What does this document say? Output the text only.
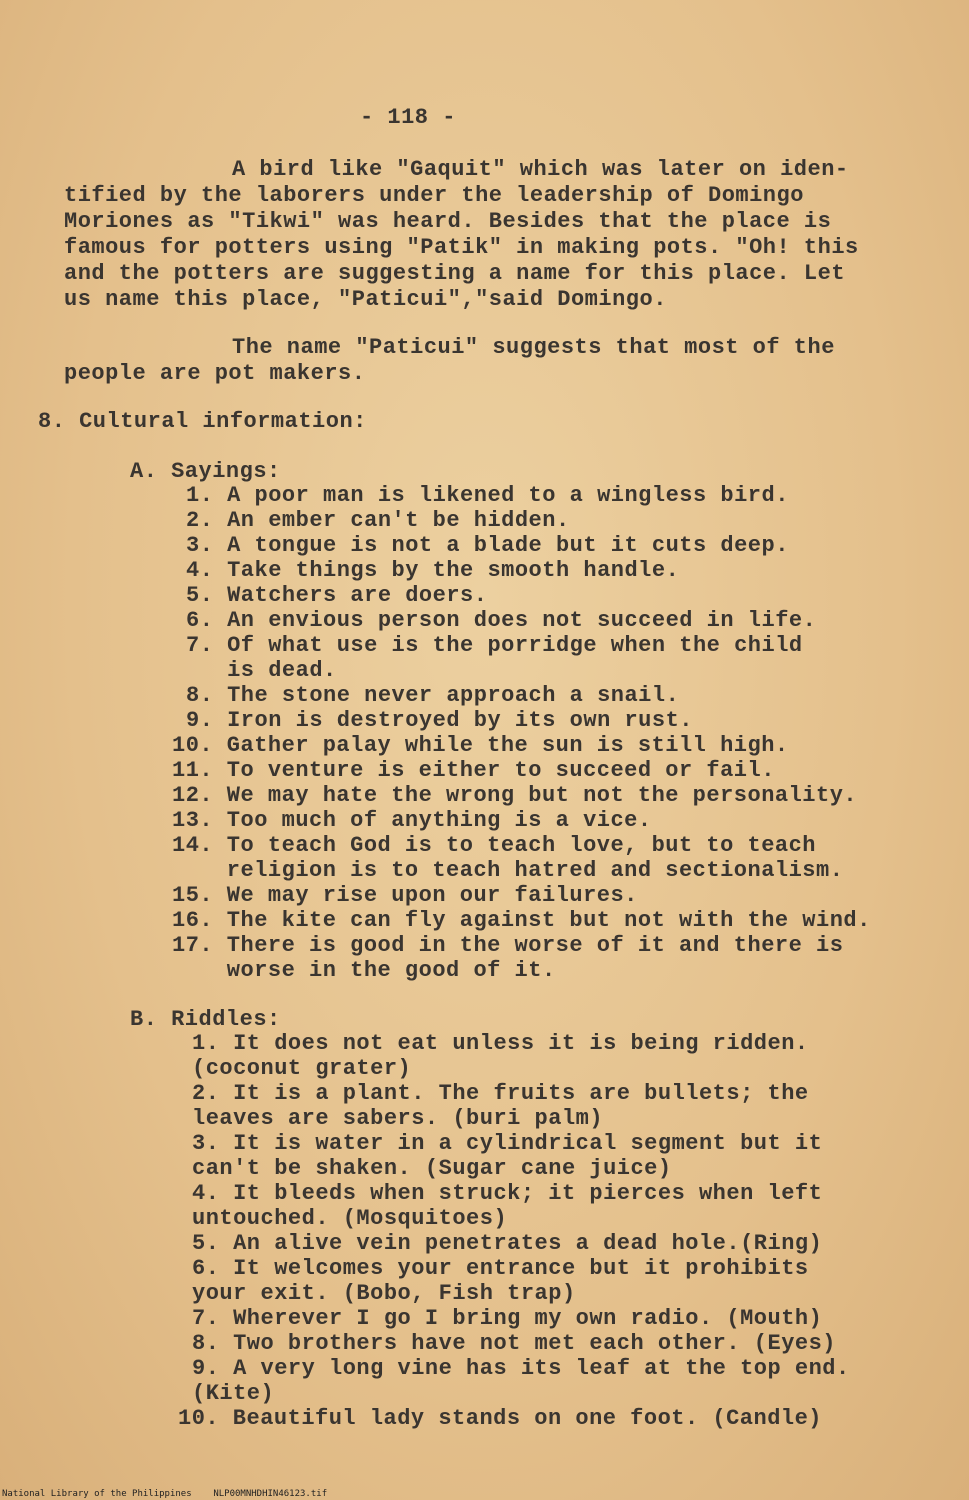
- 118 -
A bird like "Gaquit" which was later on iden-
tified by the laborers under the leadership of Domingo
Moriones as "Tikwi" was heard. Besides that the place is
famous for potters using "Patik" in making pots. "Oh! this
and the potters are suggesting a name for this place. Let
us name this place, "Paticui","said Domingo.
The name "Paticui" suggests that most of the
people are pot makers.
8. Cultural information:
A. Sayings:
1. A poor man is likened to a wingless bird.
2. An ember can't be hidden.
3. A tongue is not a blade but it cuts deep.
4. Take things by the smooth handle.
5. Watchers are doers.
6. An envious person does not succeed in life.
7. Of what use is the porridge when the child
is dead.
8. The stone never approach a snail.
9. Iron is destroyed by its own rust.
10. Gather palay while the sun is still high.
11. To venture is either to succeed or fail.
12. We may hate the wrong but not the personality.
13. Too much of anything is a vice.
14. To teach God is to teach love, but to teach
religion is to teach hatred and sectionalism.
15. We may rise upon our failures.
16. The kite can fly against but not with the wind.
17. There is good in the worse of it and there is
worse in the good of it.
B. Riddles:
1. It does not eat unless it is being ridden.
(coconut grater)
2. It is a plant. The fruits are bullets; the
leaves are sabers. (buri palm)
3. It is water in a cylindrical segment but it
can't be shaken. (Sugar cane juice)
4. It bleeds when struck; it pierces when left
untouched. (Mosquitoes)
5. An alive vein penetrates a dead hole.(Ring)
6. It welcomes your entrance but it prohibits
your exit. (Bobo, Fish trap)
7. Wherever I go I bring my own radio. (Mouth)
8. Two brothers have not met each other. (Eyes)
9. A very long vine has its leaf at the top end.
(Kite)
10. Beautiful lady stands on one foot. (Candle)
National Library of the Philippines    NLP00MNHDHIN46123.tif
